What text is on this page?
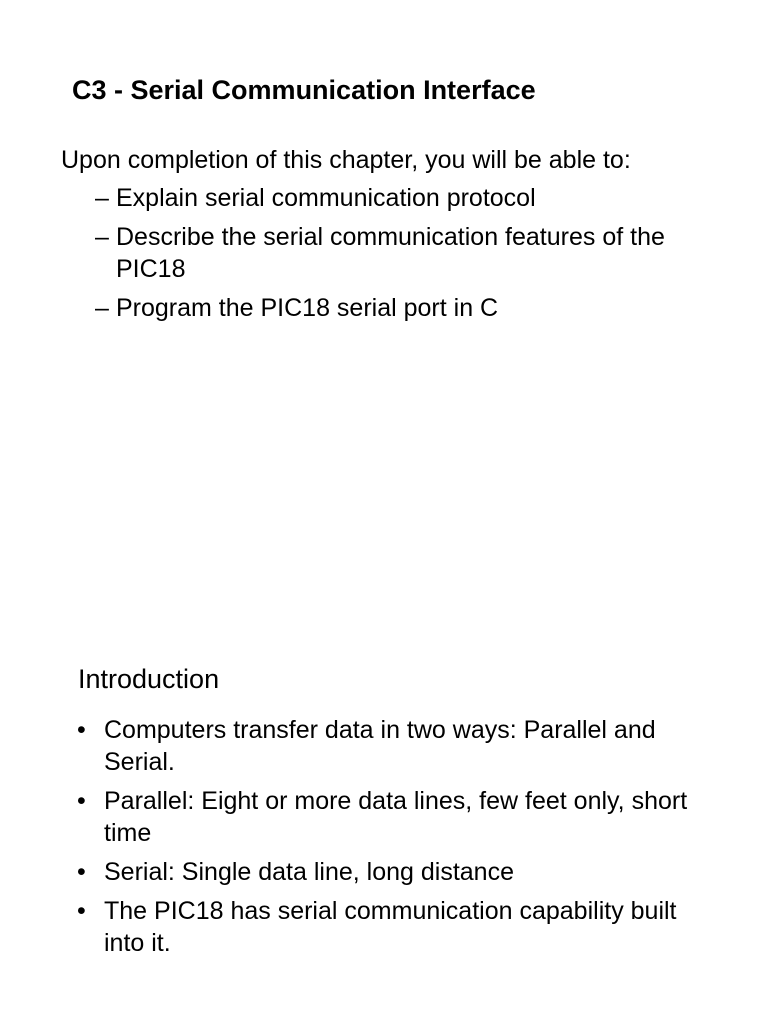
C3 - Serial Communication Interface

Upon completion of this chapter, you will be able to:

– Explain serial communication protocol
– Describe the serial communication features of the PIC18
– Program the PIC18 serial port in C
Introduction
• Computers transfer data in two ways: Parallel and Serial.
• Parallel: Eight or more data lines, few feet only, short time
• Serial: Single data line, long distance
• The PIC18 has serial communication capability built into it.
